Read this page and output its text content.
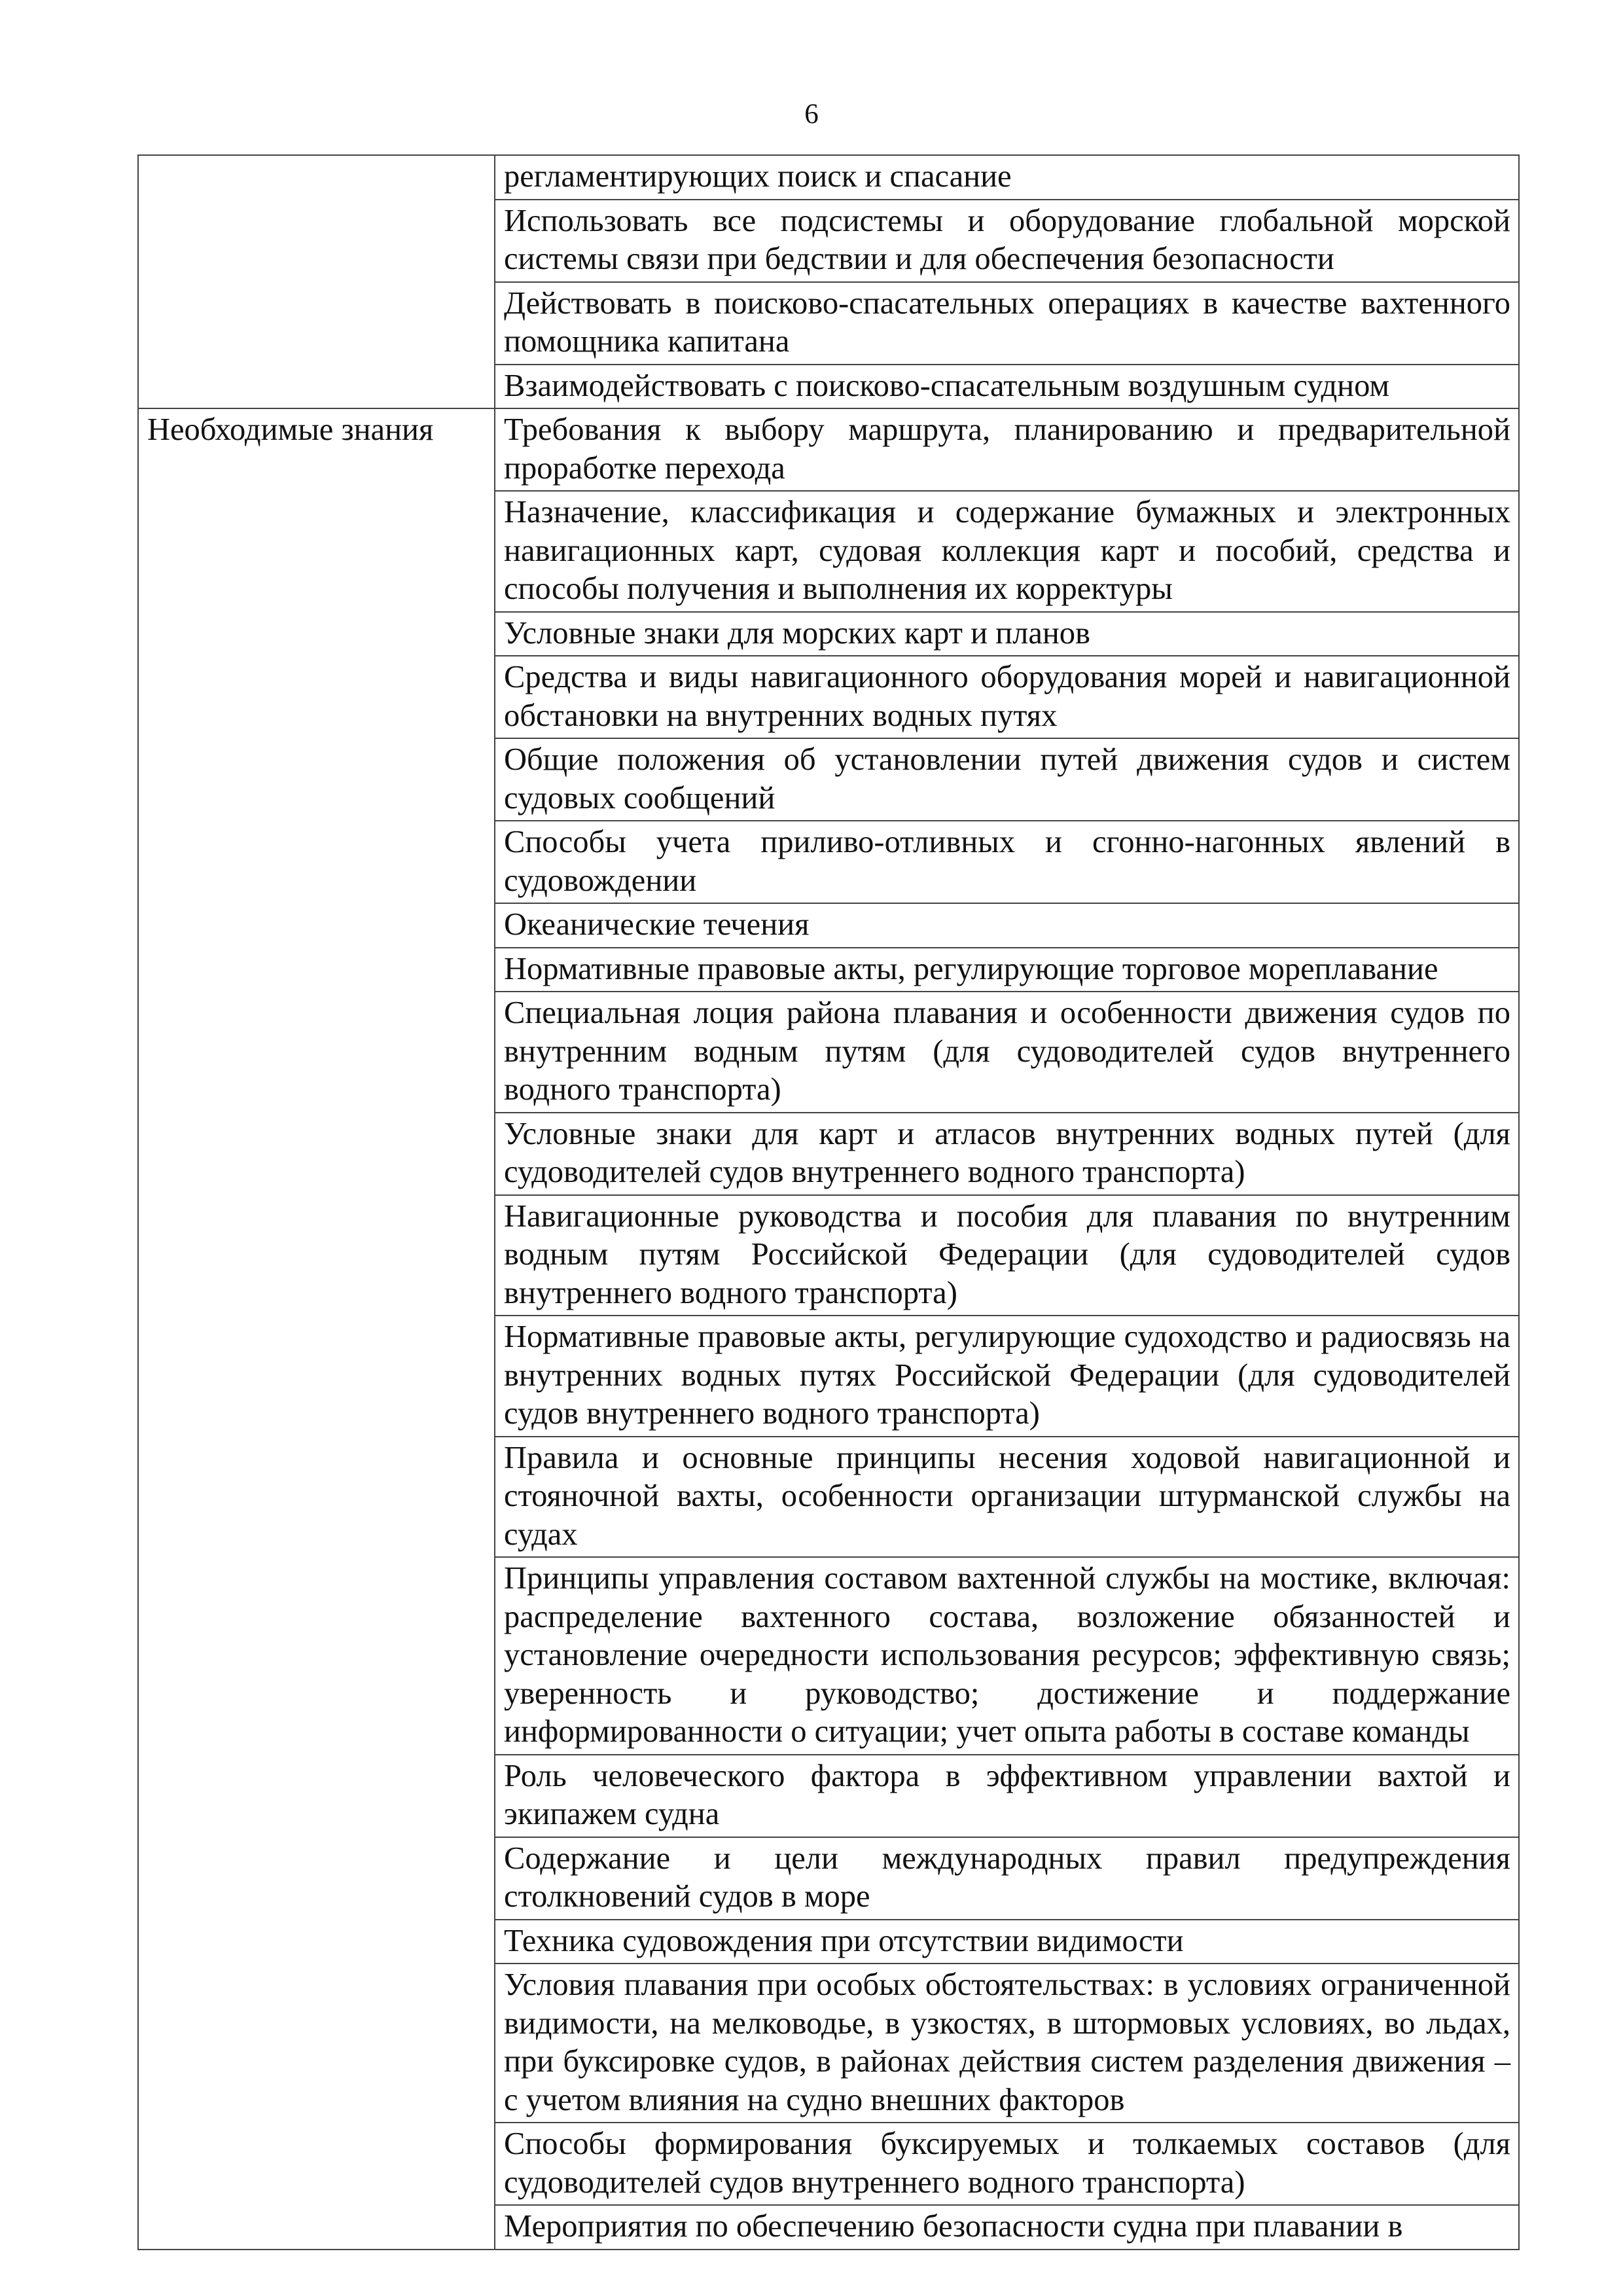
6
	регламентирующих поиск и спасание
	Использовать все подсистемы и оборудование глобальной морской системы связи при бедствии и для обеспечения безопасности
	Действовать в поисково-спасательных операциях в качестве вахтенного помощника капитана
	Взаимодействовать с поисково-спасательным воздушным судном
Необходимые знания	Требования к выбору маршрута, планированию и предварительной проработке перехода
	Назначение, классификация и содержание бумажных и электронных навигационных карт, судовая коллекция карт и пособий, средства и способы получения и выполнения их корректуры
	Условные знаки для морских карт и планов
	Средства и виды навигационного оборудования морей и навигационной обстановки на внутренних водных путях
	Общие положения об установлении путей движения судов и систем судовых сообщений
	Способы учета приливо-отливных и сгонно-нагонных явлений в судовождении
	Океанические течения
	Нормативные правовые акты, регулирующие торговое мореплавание
	Специальная лоция района плавания и особенности движения судов по внутренним водным путям (для судоводителей судов внутреннего водного транспорта)
	Условные знаки для карт и атласов внутренних водных путей (для судоводителей судов внутреннего водного транспорта)
	Навигационные руководства и пособия для плавания по внутренним водным путям Российской Федерации (для судоводителей судов внутреннего водного транспорта)
	Нормативные правовые акты, регулирующие судоходство и радиосвязь на внутренних водных путях Российской Федерации (для судоводителей судов внутреннего водного транспорта)
	Правила и основные принципы несения ходовой навигационной и стояночной вахты, особенности организации штурманской службы на судах
	Принципы управления составом вахтенной службы на мостике, включая: распределение вахтенного состава, возложение обязанностей и установление очередности использования ресурсов; эффективную связь; уверенность и руководство; достижение и поддержание информированности о ситуации; учет опыта работы в составе команды
	Роль человеческого фактора в эффективном управлении вахтой и экипажем судна
	Содержание и цели международных правил предупреждения столкновений судов в море
	Техника судовождения при отсутствии видимости
	Условия плавания при особых обстоятельствах: в условиях ограниченной видимости, на мелководье, в узкостях, в штормовых условиях, во льдах, при буксировке судов, в районах действия систем разделения движения – с учетом влияния на судно внешних факторов
	Способы формирования буксируемых и толкаемых составов (для судоводителей судов внутреннего водного транспорта)
	Мероприятия по обеспечению безопасности судна при плавании в
